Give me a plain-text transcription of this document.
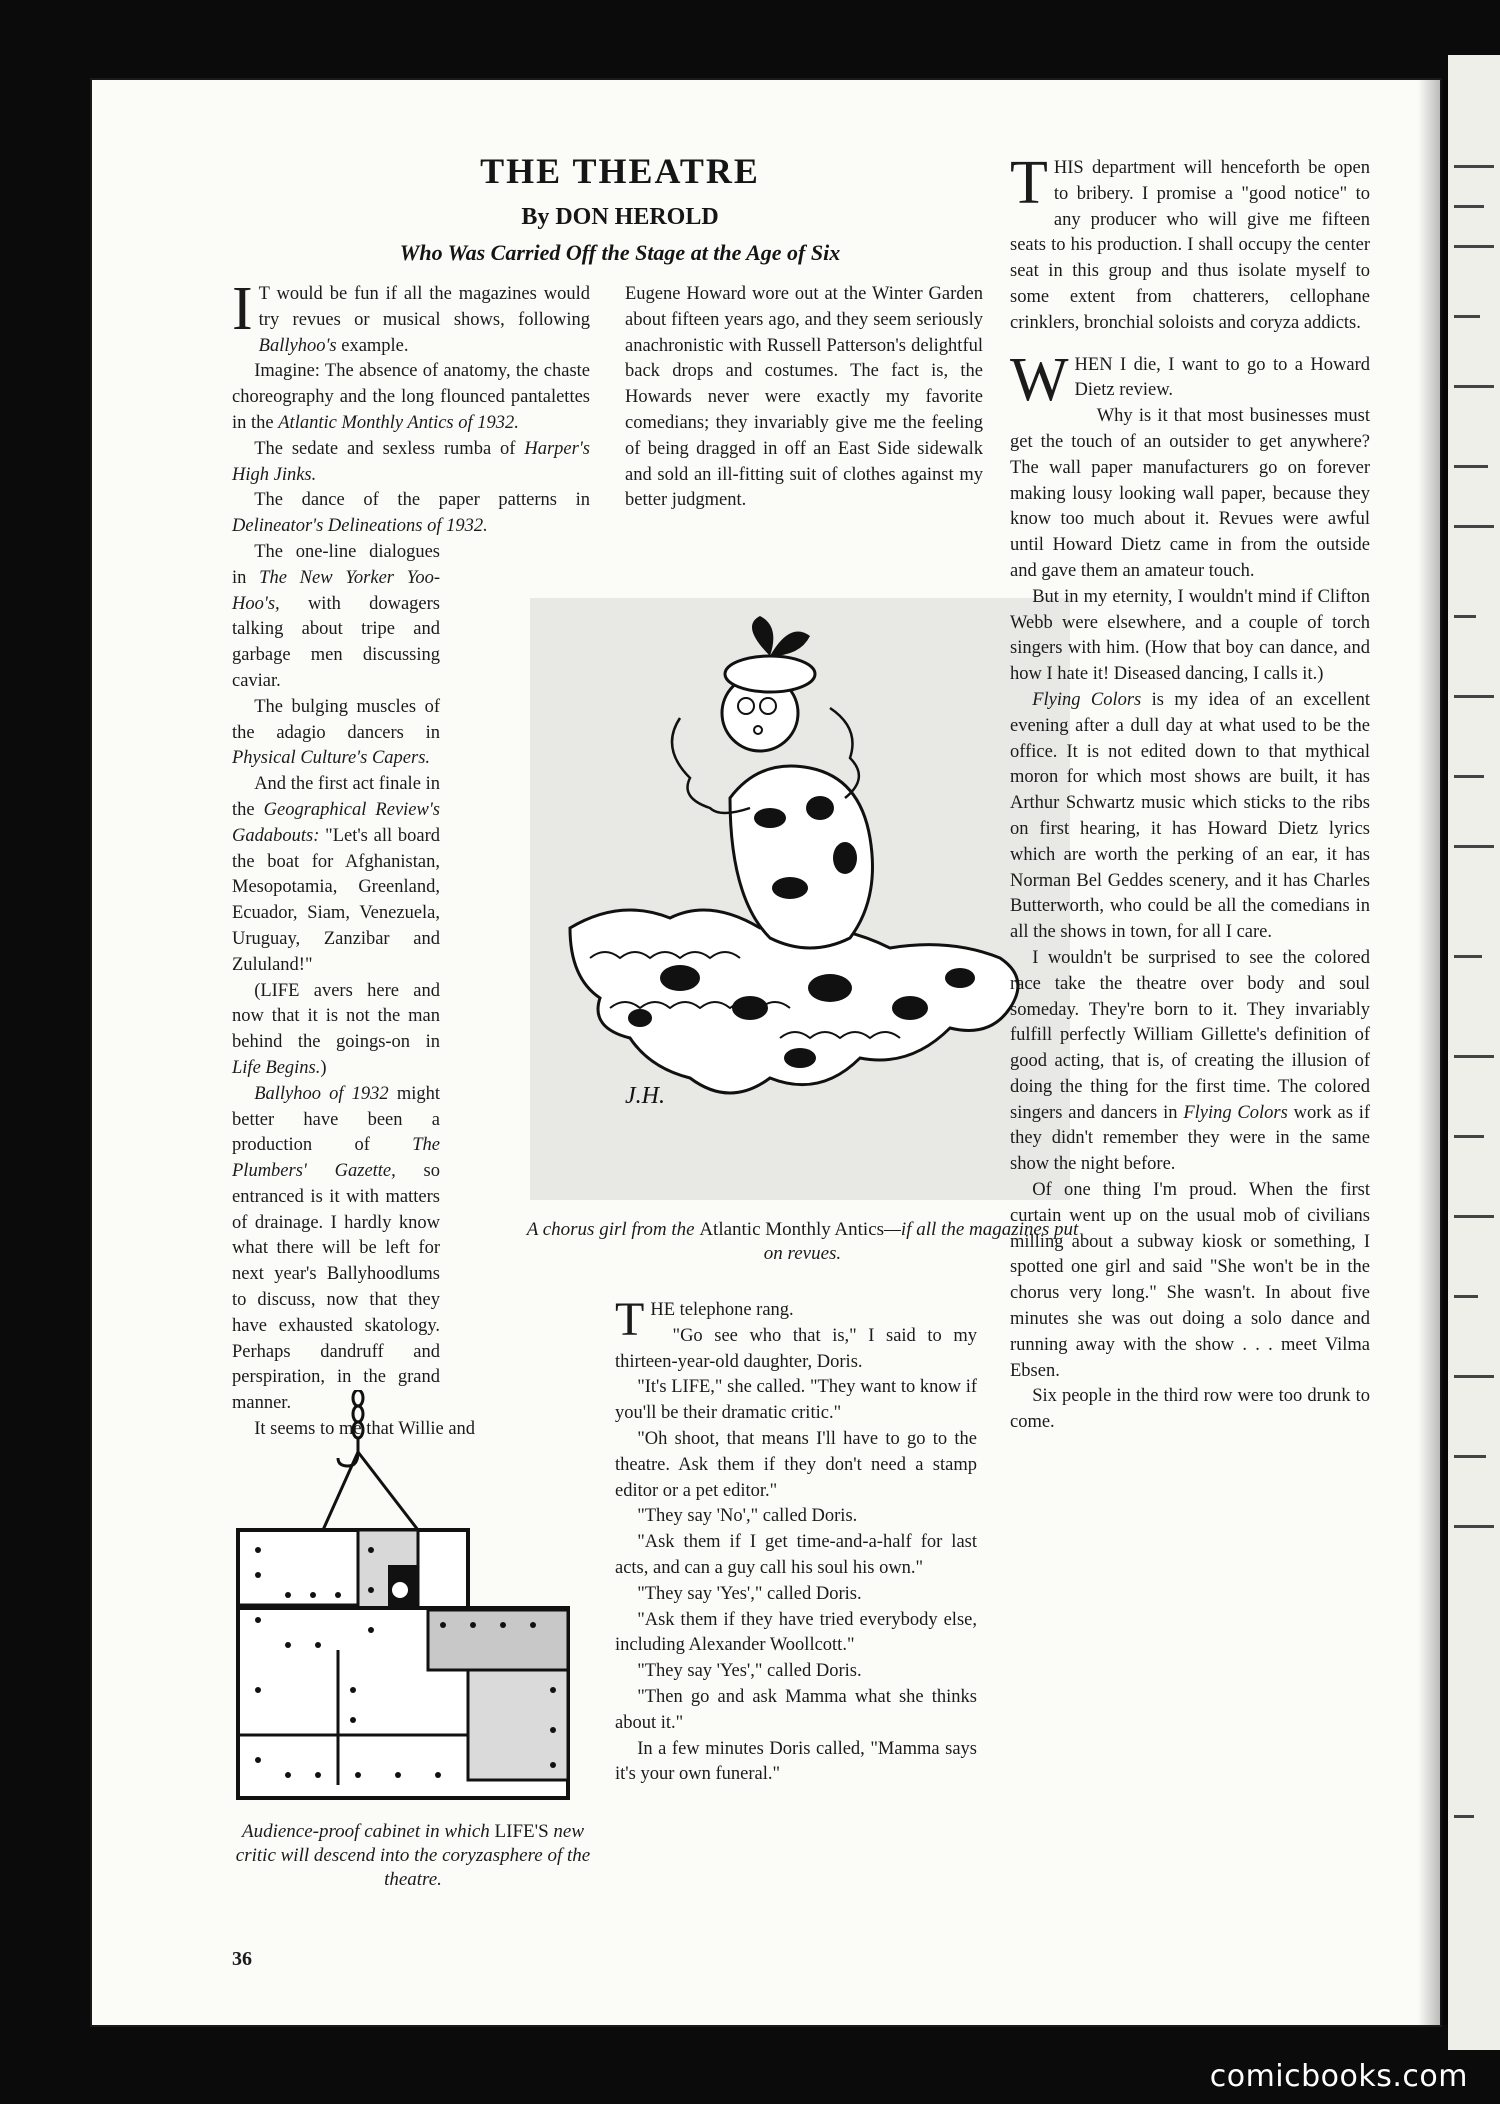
THE THEATRE
By DON HEROLD
Who Was Carried Off the Stage at the Age of Six

I T would be fun if all the magazines would try revues or musical shows, following Ballyhoo's example.

Imagine: The absence of anatomy, the chaste choreography and the long flounced pantalettes in the Atlantic Monthly Antics of 1932.

The sedate and sexless rumba of Harper's High Jinks.

The dance of the paper patterns in Delineator's Delineations of 1932.

The one-line dialogues in The New Yorker Yoo-Hoo's, with dowagers talking about tripe and garbage men discussing caviar.

The bulging muscles of the adagio dancers in Physical Culture's Capers.

And the first act finale in the Geographical Review's Gadabouts: "Let's all board the boat for Afghanistan, Mesopotamia, Greenland, Ecuador, Siam, Venezuela, Uruguay, Zanzibar and Zululand!"

(LIFE avers here and now that it is not the man behind the goings-on in Life Begins.)

Ballyhoo of 1932 might better have been a production of The Plumbers' Gazette, so entranced is it with matters of drainage. I hardly know what there will be left for next year's Ballyhoodlums to discuss, now that they have exhausted skatology. Perhaps dandruff and perspiration, in the grand manner.

It seems to me that Willie and

Eugene Howard wore out at the Winter Garden about fifteen years ago, and they seem seriously anachronistic with Russell Patterson's delightful back drops and costumes. The fact is, the Howards never were exactly my favorite comedians; they invariably give me the feeling of being dragged in off an East Side sidewalk and sold an ill-fitting suit of clothes against my better judgment.

J.H.
A chorus girl from the Atlantic Monthly Antics—if all the magazines put on revues.

THIS department will henceforth be open to bribery. I promise a "good notice" to any producer who will give me fifteen seats to his production. I shall occupy the center seat in this group and thus isolate myself to some extent from chatterers, cellophane crinklers, bronchial soloists and coryza addicts.

WHEN I die, I want to go to a Howard Dietz review.

Why is it that most businesses must get the touch of an outsider to get anywhere? The wall paper manufacturers go on forever making lousy looking wall paper, because they know too much about it. Revues were awful until Howard Dietz came in from the outside and gave them an amateur touch.

But in my eternity, I wouldn't mind if Clifton Webb were elsewhere, and a couple of torch singers with him. (How that boy can dance, and how I hate it! Diseased dancing, I calls it.)

Flying Colors is my idea of an excellent evening after a dull day at what used to be the office. It is not edited down to that mythical moron for which most shows are built, it has Arthur Schwartz music which sticks to the ribs on first hearing, it has Howard Dietz lyrics which are worth the perking of an ear, it has Norman Bel Geddes scenery, and it has Charles Butterworth, who could be all the comedians in all the shows in town, for all I care.

I wouldn't be surprised to see the colored race take the theatre over body and soul someday. They're born to it. They invariably fulfill perfectly William Gillette's definition of good acting, that is, of creating the illusion of doing the thing for the first time. The colored singers and dancers in Flying Colors work as if they didn't remember they were in the same show the night before.

Of one thing I'm proud. When the first curtain went up on the usual mob of civilians milling about a subway kiosk or something, I spotted one girl and said "She won't be in the chorus very long." She wasn't. In about five minutes she was out doing a solo dance and running away with the show . . . meet Vilma Ebsen.

Six people in the third row were too drunk to come.

THE telephone rang.

"Go see who that is," I said to my thirteen-year-old daughter, Doris.

"It's LIFE," she called. "They want to know if you'll be their dramatic critic."

"Oh shoot, that means I'll have to go to the theatre. Ask them if they don't need a stamp editor or a pet editor."

"They say 'No'," called Doris.

"Ask them if I get time-and-a-half for last acts, and can a guy call his soul his own."

"They say 'Yes'," called Doris.

"Ask them if they have tried everybody else, including Alexander Woollcott."

"They say 'Yes'," called Doris.

"Then go and ask Mamma what she thinks about it."

In a few minutes Doris called, "Mamma says it's your own funeral."

Audience-proof cabinet in which LIFE'S new critic will descend into the coryzasphere of the theatre.
36
comicbooks.com
